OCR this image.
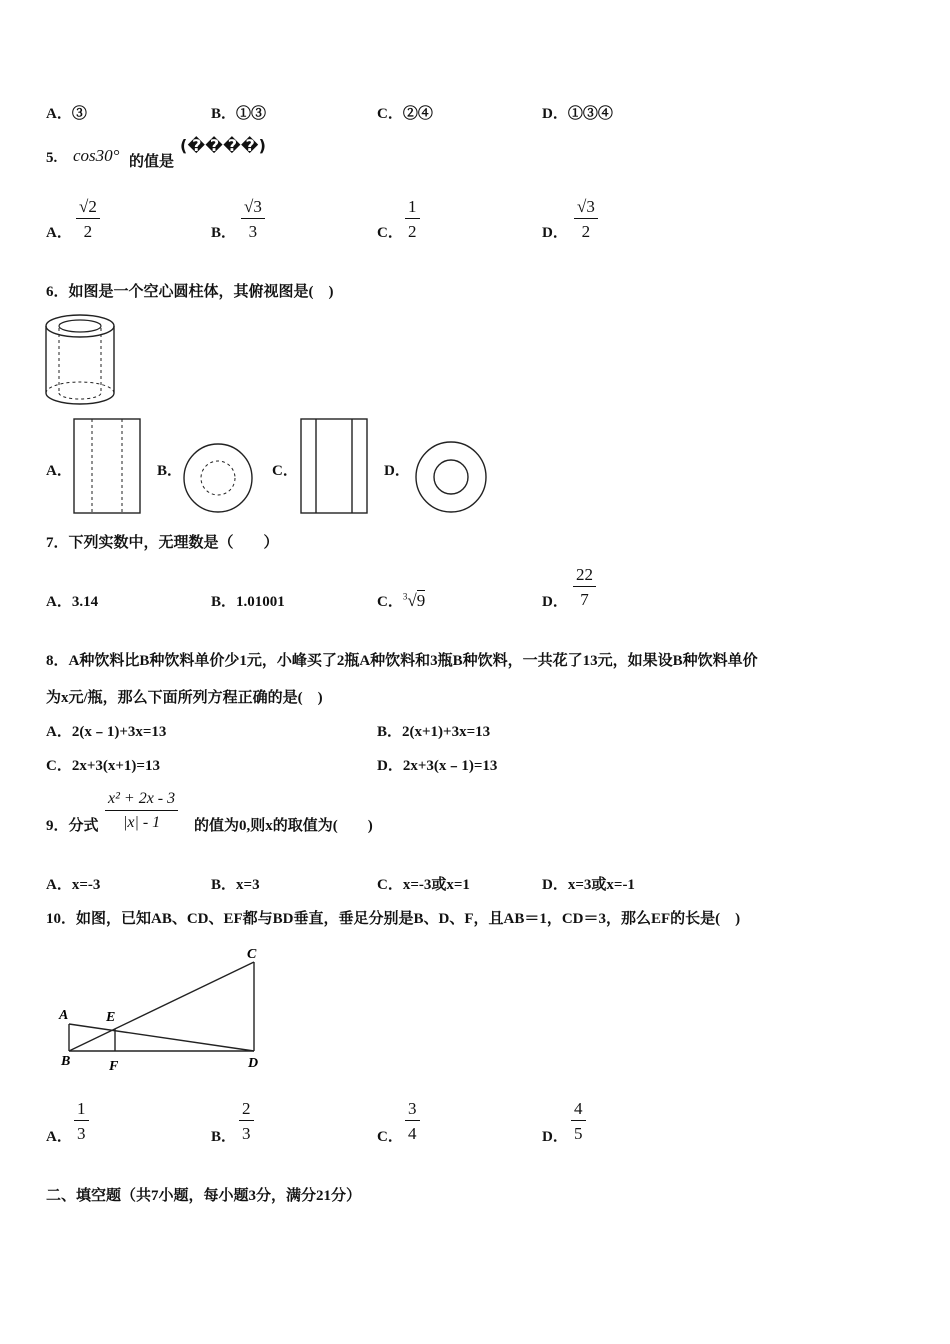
A．③	B．①③	C．②④	D．①③④
5. cos30° 的值是
(����)
A．
√2
2	B．
√3
3	C．
1
2	D．
√3
2
6．如图是一个空心圆柱体，其俯视图是(　)
A．	B．	C．	D．
7．下列实数中，无理数是（　　）
A．3.14	B．1.01001	C．$^3$√9	D．
22
7
8．A种饮料比B种饮料单价少1元，小峰买了2瓶A种饮料和3瓶B种饮料，一共花了13元，如果设B种饮料单价
为x元/瓶，那么下面所列方程正确的是(　)
A．2(x﹣1)+3x=13	B．2(x+1)+3x=13
C．2x+3(x+1)=13	D．2x+3(x﹣1)=13
9．分式
x² + 2x - 3
|x| - 1 的值为0,则x的取值为(　　)
A．x=-3	B．x=3	C．x=-3或x=1	D．x=3或x=-1
10．如图，已知AB、CD、EF都与BD垂直，垂足分别是B、D、F，且AB＝1，CD＝3，那么EF的长是(　)
A
B
C
D
E
F
A．
1
3	B．
2
3	C．
3
4	D．
4
5
二、填空题（共7小题，每小题3分，满分21分）
